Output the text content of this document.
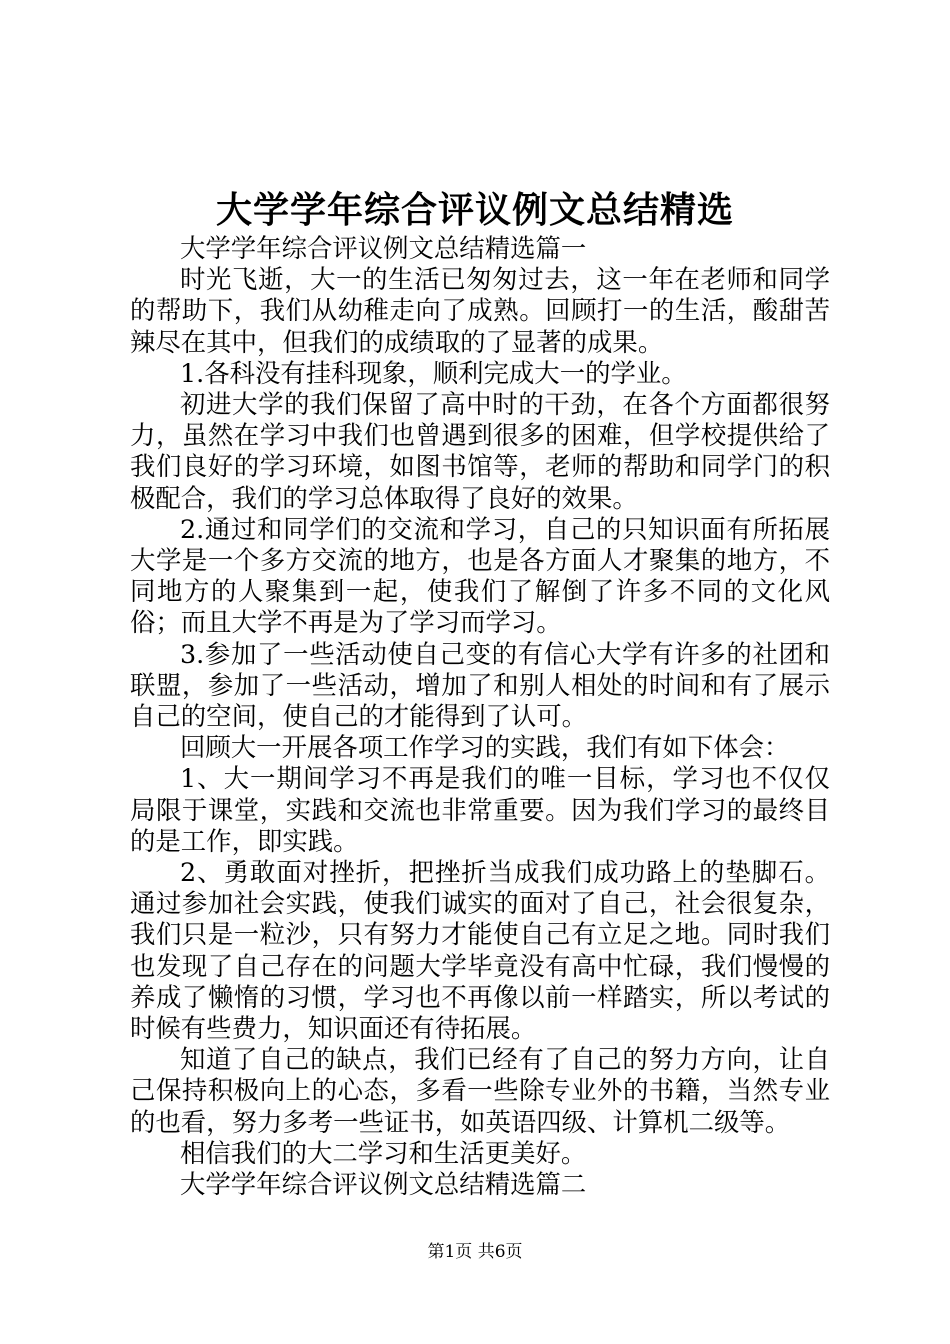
大学学年综合评议例文总结精选

大学学年综合评议例文总结精选篇一

时光飞逝，大一的生活已匆匆过去，这一年在老师和同学的帮助下，我们从幼稚走向了成熟。回顾打一的生活，酸甜苦辣尽在其中，但我们的成绩取的了显著的成果。

1.各科没有挂科现象，顺利完成大一的学业。

初进大学的我们保留了高中时的干劲，在各个方面都很努力，虽然在学习中我们也曾遇到很多的困难，但学校提供给了我们良好的学习环境，如图书馆等，老师的帮助和同学门的积极配合，我们的学习总体取得了良好的效果。

2.通过和同学们的交流和学习，自己的只知识面有所拓展大学是一个多方交流的地方，也是各方面人才聚集的地方，不同地方的人聚集到一起，使我们了解倒了许多不同的文化风俗；而且大学不再是为了学习而学习。

3.参加了一些活动使自己变的有信心大学有许多的社团和联盟，参加了一些活动，增加了和别人相处的时间和有了展示自己的空间，使自己的才能得到了认可。

回顾大一开展各项工作学习的实践，我们有如下体会：

1、大一期间学习不再是我们的唯一目标，学习也不仅仅局限于课堂，实践和交流也非常重要。因为我们学习的最终目的是工作，即实践。

2、勇敢面对挫折，把挫折当成我们成功路上的垫脚石。通过参加社会实践，使我们诚实的面对了自己，社会很复杂，我们只是一粒沙，只有努力才能使自己有立足之地。同时我们也发现了自己存在的问题大学毕竟没有高中忙碌，我们慢慢的养成了懒惰的习惯，学习也不再像以前一样踏实，所以考试的时候有些费力，知识面还有待拓展。

知道了自己的缺点，我们已经有了自己的努力方向，让自己保持积极向上的心态，多看一些除专业外的书籍，当然专业的也看，努力多考一些证书，如英语四级、计算机二级等。

相信我们的大二学习和生活更美好。

大学学年综合评议例文总结精选篇二

第1页 共6页
